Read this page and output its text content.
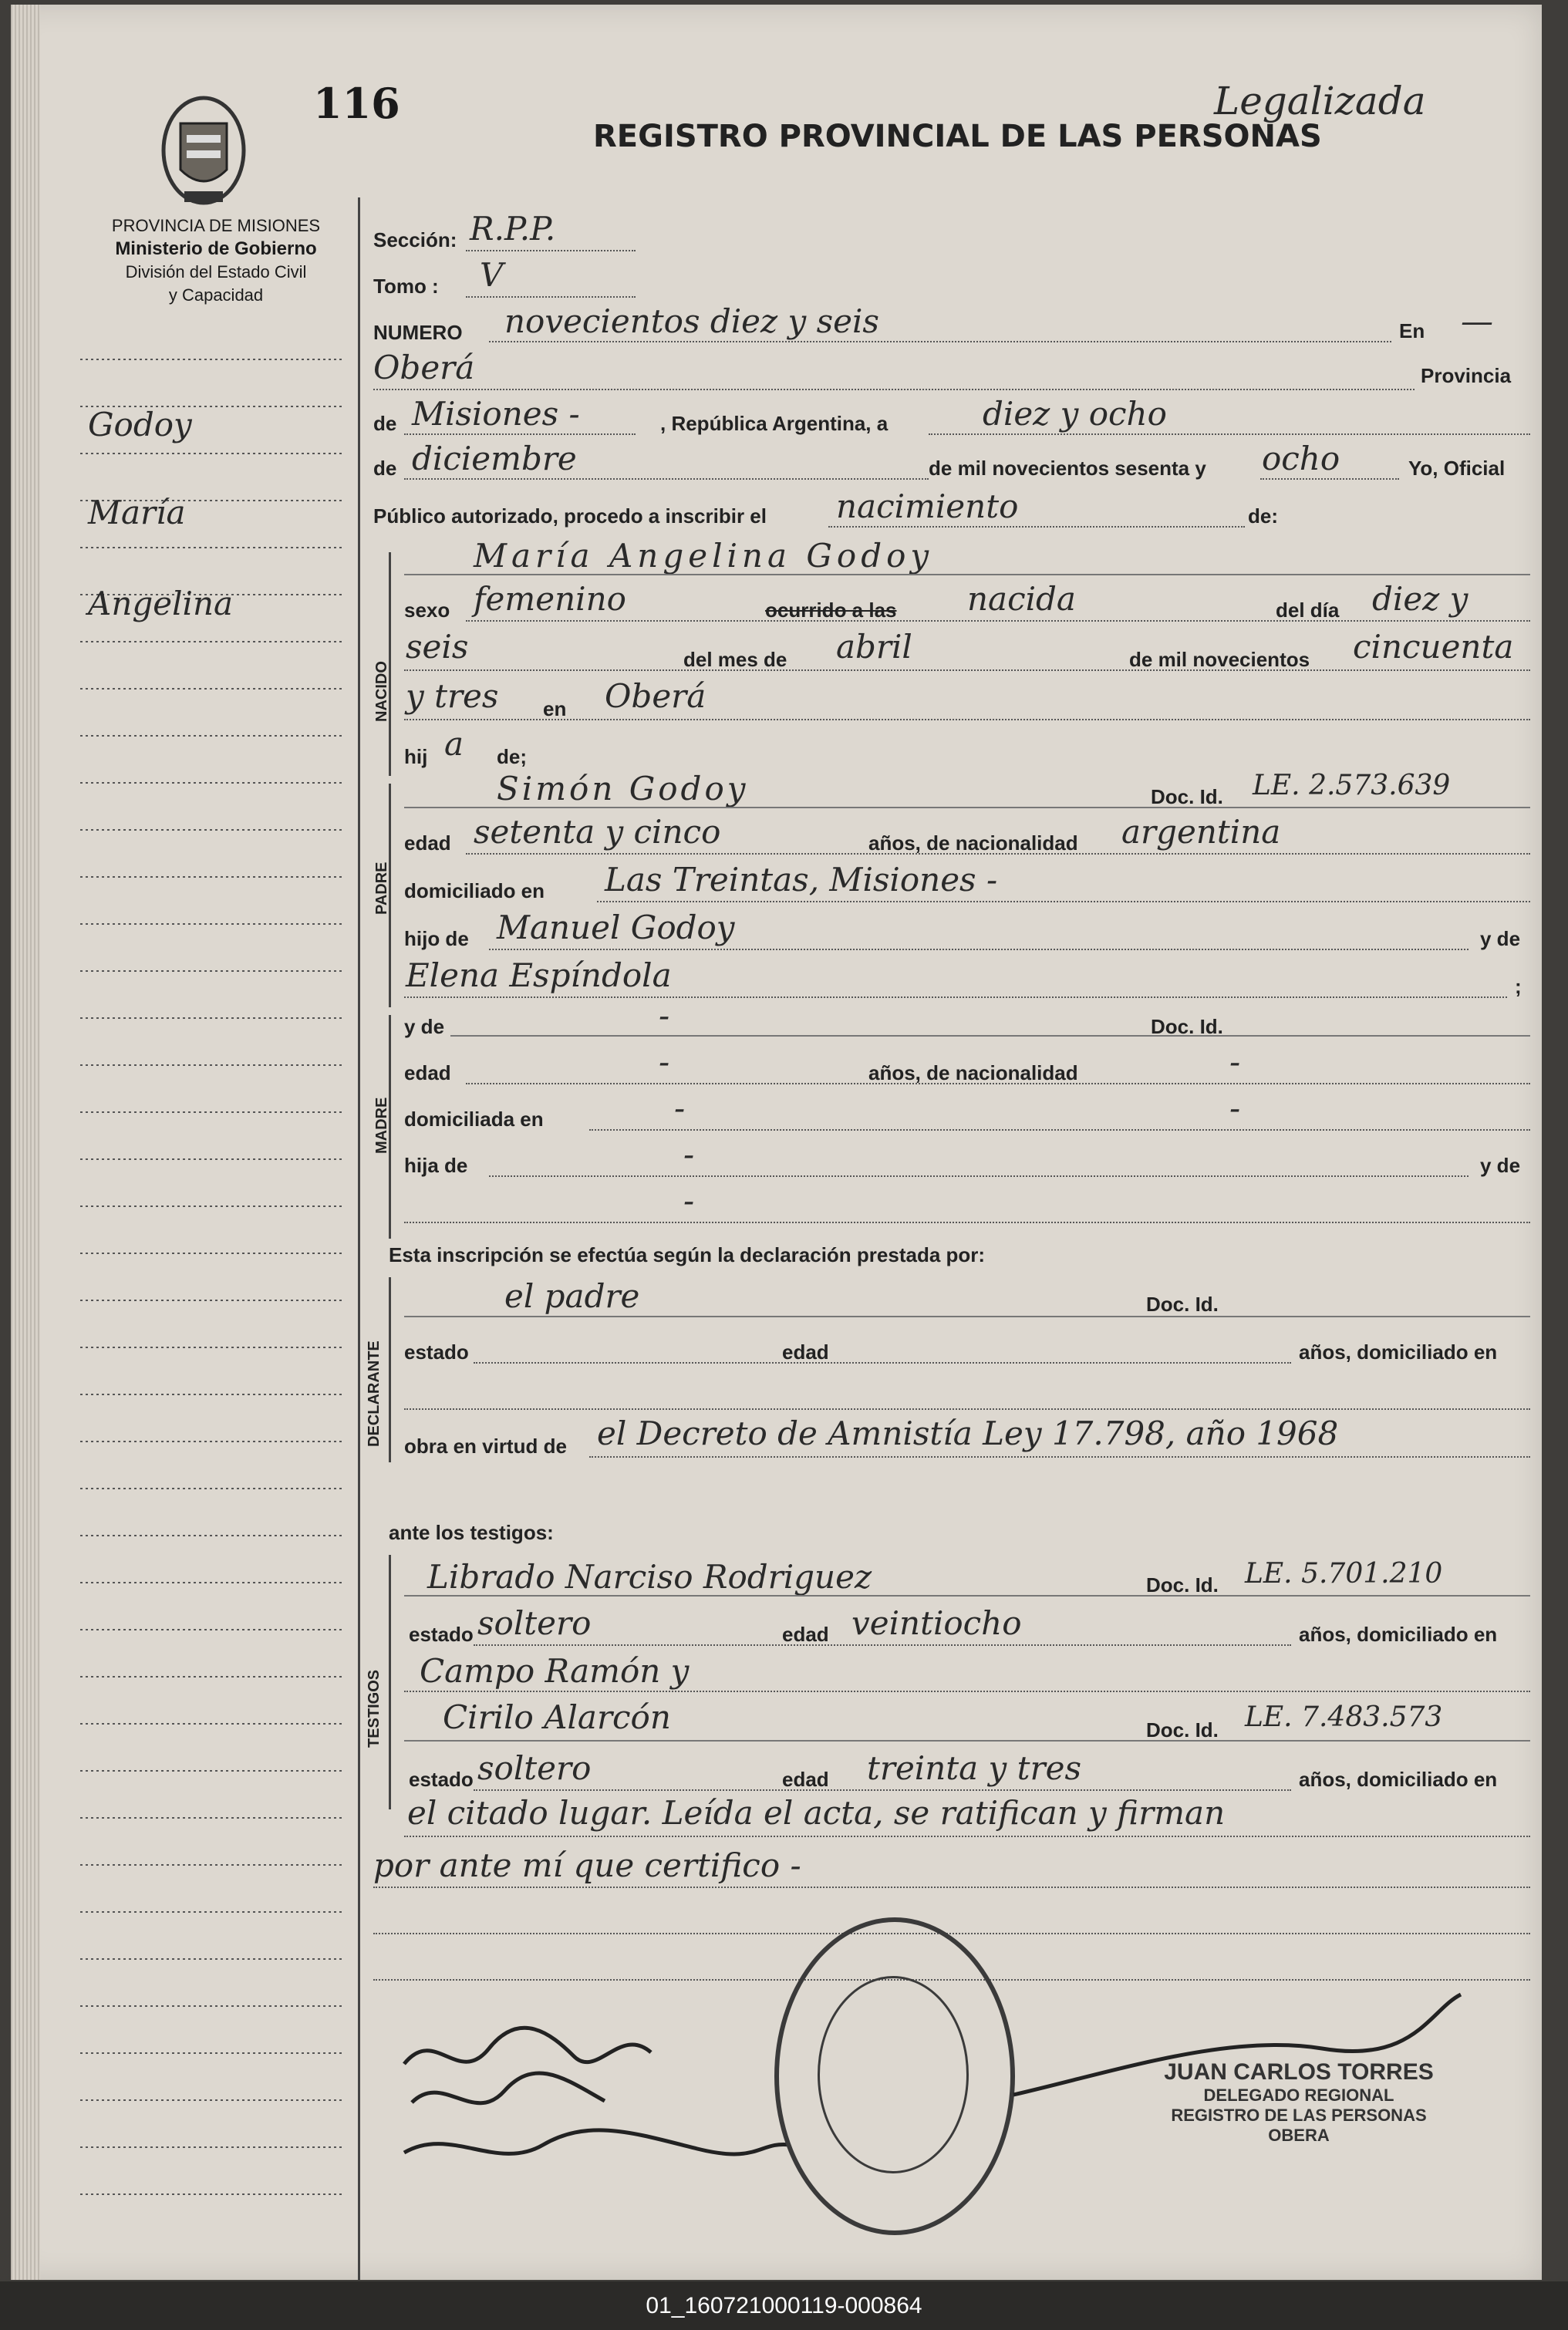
116
REGISTRO PROVINCIAL DE LAS PERSONAS
Legalizada
PROVINCIA DE MISIONES
Ministerio de Gobierno
División del Estado Civil
y Capacidad
Godoy
María
Angelina
Sección: R.P.P.
Tomo : V
NUMERO novecientos diez y seis	En —
Oberá	Provincia
de Misiones -	, República Argentina, a	diez y ocho
de diciembre	de mil novecientos sesenta y ocho	Yo, Oficial
Público autorizado, procedo a inscribir el nacimiento	de:
NACIDO
María Angelina Godoy
sexo femenino	ocurrido a las nacida	del día diez y
seis	del mes de abril	de mil novecientos cincuenta
y tres en Oberá
hij a de;
PADRE
Simón Godoy	Doc. Id. LE. 2.573.639
edad setenta y cinco	años, de nacionalidad argentina
domiciliado en Las Treintas, Misiones -
hijo de Manuel Godoy	y de
Elena Espíndola	;
MADRE
y de	-	Doc. Id.
edad	-	años, de nacionalidad	-
domiciliada en	-	-
hija de	-	y de
-
Esta inscripción se efectúa según la declaración prestada por:
DECLARANTE
el padre	Doc. Id.
estado	edad	años, domiciliado en
obra en virtud de el Decreto de Amnistía Ley 17.798, año 1968
ante los testigos:
TESTIGOS
Librado Narciso Rodriguez	Doc. Id. LE. 5.701.210
estado soltero	edad veintiocho	años, domiciliado en
Campo Ramón y
Cirilo Alarcón	Doc. Id. LE. 7.483.573
estado soltero	edad treinta y tres	años, domiciliado en
el citado lugar. Leída el acta, se ratifican y firman
por ante mí que certifico -
JUAN CARLOS TORRES
DELEGADO REGIONAL
REGISTRO DE LAS PERSONAS
OBERA
01_160721000119-000864
